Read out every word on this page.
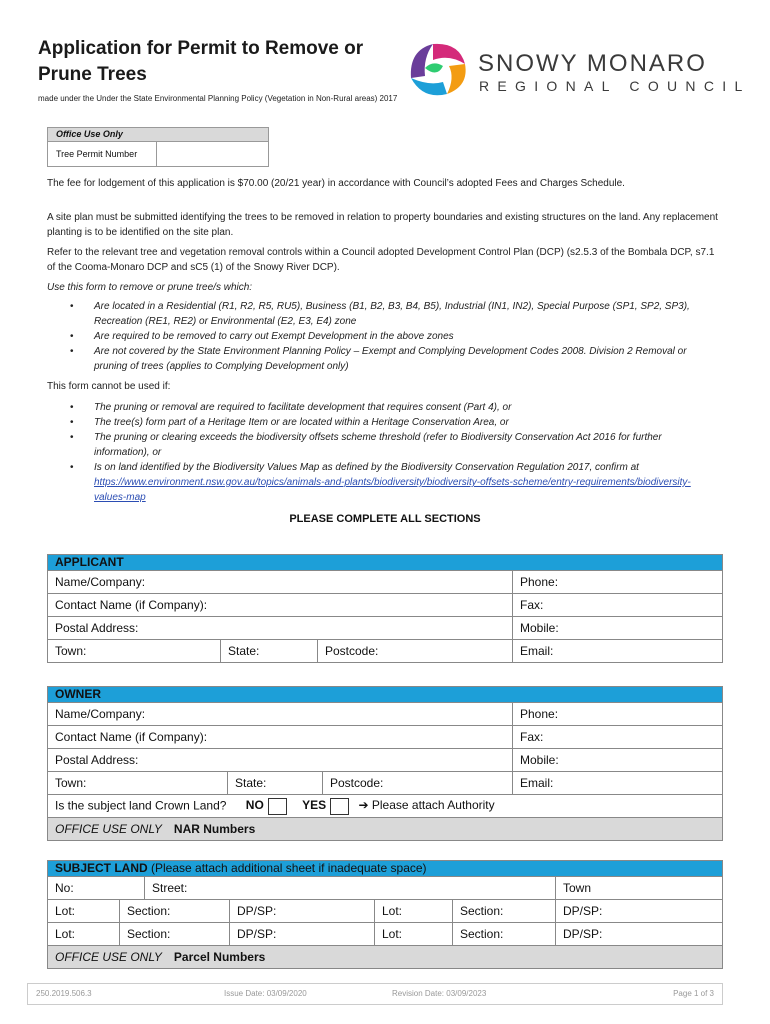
Application for Permit to Remove or Prune Trees
made under the Under the State Environmental Planning Policy (Vegetation in Non-Rural areas) 2017
SNOWY MONARO
REGIONAL COUNCIL
Office Use Only
Tree Permit Number
The fee for lodgement of this application is $70.00 (20/21 year) in accordance with Council’s adopted Fees and Charges Schedule.
A site plan must be submitted identifying the trees to be removed in relation to property boundaries and existing structures on the land. Any replacement planting is to be identified on the site plan.
Refer to the relevant tree and vegetation removal controls within a Council adopted Development Control Plan (DCP) (s2.5.3 of the Bombala DCP, s7.1 of the Cooma-Monaro DCP and sC5 (1) of the Snowy River DCP).
Use this form to remove or prune tree/s which:
• Are located in a Residential (R1, R2, R5, RU5), Business (B1, B2, B3, B4, B5), Industrial (IN1, IN2), Special Purpose (SP1, SP2, SP3), Recreation (RE1, RE2) or Environmental (E2, E3, E4) zone
• Are required to be removed to carry out Exempt Development in the above zones
• Are not covered by the State Environment Planning Policy – Exempt and Complying Development Codes 2008. Division 2 Removal or pruning of trees (applies to Complying Development only)
This form cannot be used if:
• The pruning or removal are required to facilitate development that requires consent (Part 4), or
• The tree(s) form part of a Heritage Item or are located within a Heritage Conservation Area, or
• The pruning or clearing exceeds the biodiversity offsets scheme threshold (refer to Biodiversity Conservation Act 2016 for further information), or
• Is on land identified by the Biodiversity Values Map as defined by the Biodiversity Conservation Regulation 2017, confirm at https://www.environment.nsw.gov.au/topics/animals-and-plants/biodiversity/biodiversity-offsets-scheme/entry-requirements/biodiversity-values-map
PLEASE COMPLETE ALL SECTIONS
APPLICANT			
Name/Company:			Phone:
Contact Name (if Company):			Fax:
Postal Address:			Mobile:
Town:	State:	Postcode:	Email:
OWNER			
Name/Company:			Phone:
Contact Name (if Company):			Fax:
Postal Address:			Mobile:
Town:	State:	Postcode:	Email:
Is the subject land Crown Land? NO YES ➔ Please attach Authority			
OFFICE USE ONLY NAR Numbers			
SUBJECT LAND (Please attach additional sheet if inadequate space)						
No:		Street:				Town
Lot:	Section:		DP/SP:	Lot:	Section:	DP/SP:
Lot:	Section:		DP/SP:	Lot:	Section:	DP/SP:
OFFICE USE ONLY Parcel Numbers						
250.2019.506.3	Issue Date: 03/09/2020	Revision Date: 03/09/2023	Page 1 of 3
